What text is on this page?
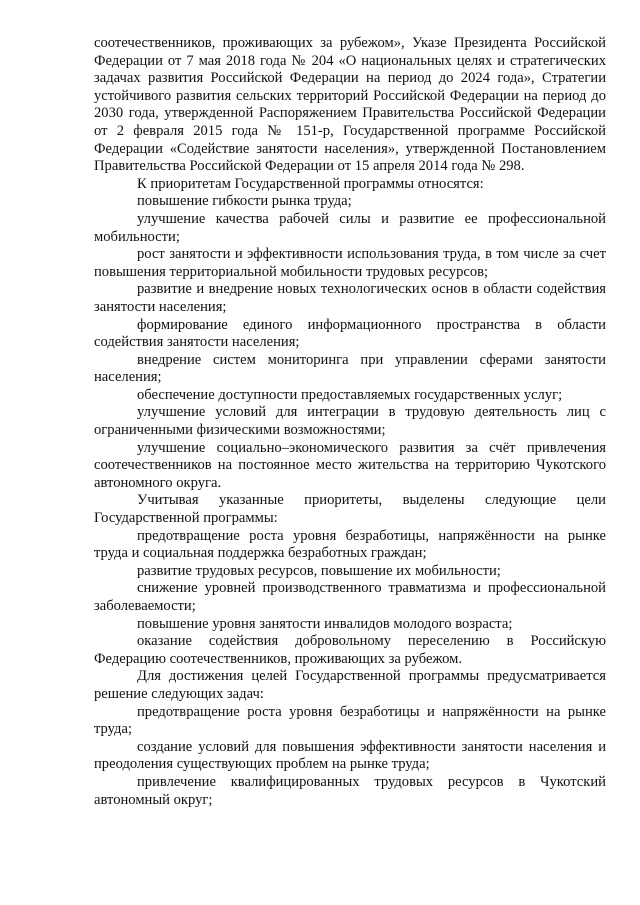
соотечественников, проживающих за рубежом», Указе Президента Российской Федерации от 7 мая 2018 года № 204 «О национальных целях и стратегических задачах развития Российской Федерации на период до 2024 года», Стратегии устойчивого развития сельских территорий Российской Федерации на период до 2030 года, утвержденной Распоряжением Правительства Российской Федерации от 2 февраля 2015 года № 151-р, Государственной программе Российской Федерации «Содействие занятости населения», утвержденной Постановлением Правительства Российской Федерации от 15 апреля 2014 года № 298.

К приоритетам Государственной программы относятся:

повышение гибкости рынка труда;

улучшение качества рабочей силы и развитие ее профессиональной мобильности;

рост занятости и эффективности использования труда, в том числе за счет повышения территориальной мобильности трудовых ресурсов;

развитие и внедрение новых технологических основ в области содействия занятости населения;

формирование единого информационного пространства в области содействия занятости населения;

внедрение систем мониторинга при управлении сферами занятости населения;

обеспечение доступности предоставляемых государственных услуг;

улучшение условий для интеграции в трудовую деятельность лиц с ограниченными физическими возможностями;

улучшение социально–экономического развития за счёт привлечения соотечественников на постоянное место жительства на территорию Чукотского автономного округа.

Учитывая указанные приоритеты, выделены следующие цели Государственной программы:

предотвращение роста уровня безработицы, напряжённости на рынке труда и социальная поддержка безработных граждан;

развитие трудовых ресурсов, повышение их мобильности;

снижение уровней производственного травматизма и профессиональной заболеваемости;

повышение уровня занятости инвалидов молодого возраста;

оказание содействия добровольному переселению в Российскую Федерацию соотечественников, проживающих за рубежом.

Для достижения целей Государственной программы предусматривается решение следующих задач:

предотвращение роста уровня безработицы и напряжённости на рынке труда;

создание условий для повышения эффективности занятости населения и преодоления существующих проблем на рынке труда;

привлечение квалифицированных трудовых ресурсов в Чукотский автономный округ;
